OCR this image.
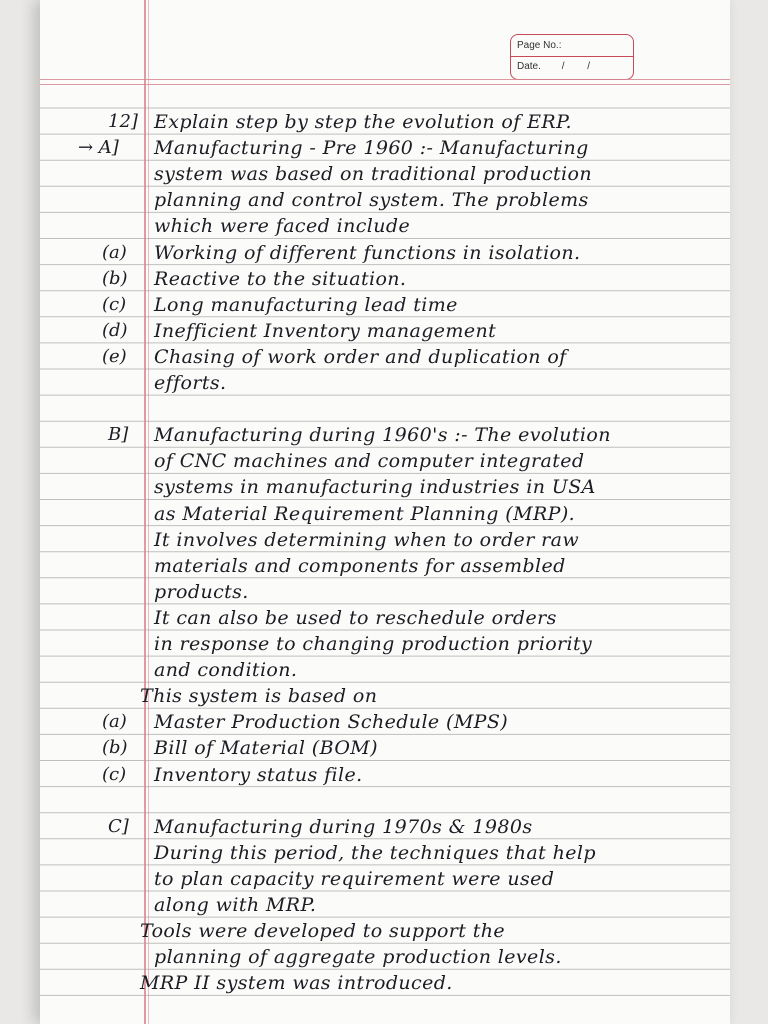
Page No.:
Date. / /
12] Explain step by step the evolution of ERP.
→ A] Manufacturing - Pre 1960 :- Manufacturing
system was based on traditional production
planning and control system. The problems
which were faced include
(a) Working of different functions in isolation.
(b) Reactive to the situation.
(c) Long manufacturing lead time
(d) Inefficient Inventory management
(e) Chasing of work order and duplication of
efforts.
B] Manufacturing during 1960's :- The evolution
of CNC machines and computer integrated
systems in manufacturing industries in USA
as Material Requirement Planning (MRP).
It involves determining when to order raw
materials and components for assembled
products.
It can also be used to reschedule orders
in response to changing production priority
and condition.
This system is based on
(a) Master Production Schedule (MPS)
(b) Bill of Material (BOM)
(c) Inventory status file.
C] Manufacturing during 1970s & 1980s
During this period, the techniques that help
to plan capacity requirement were used
along with MRP.
Tools were developed to support the
planning of aggregate production levels.
MRP II system was introduced.
